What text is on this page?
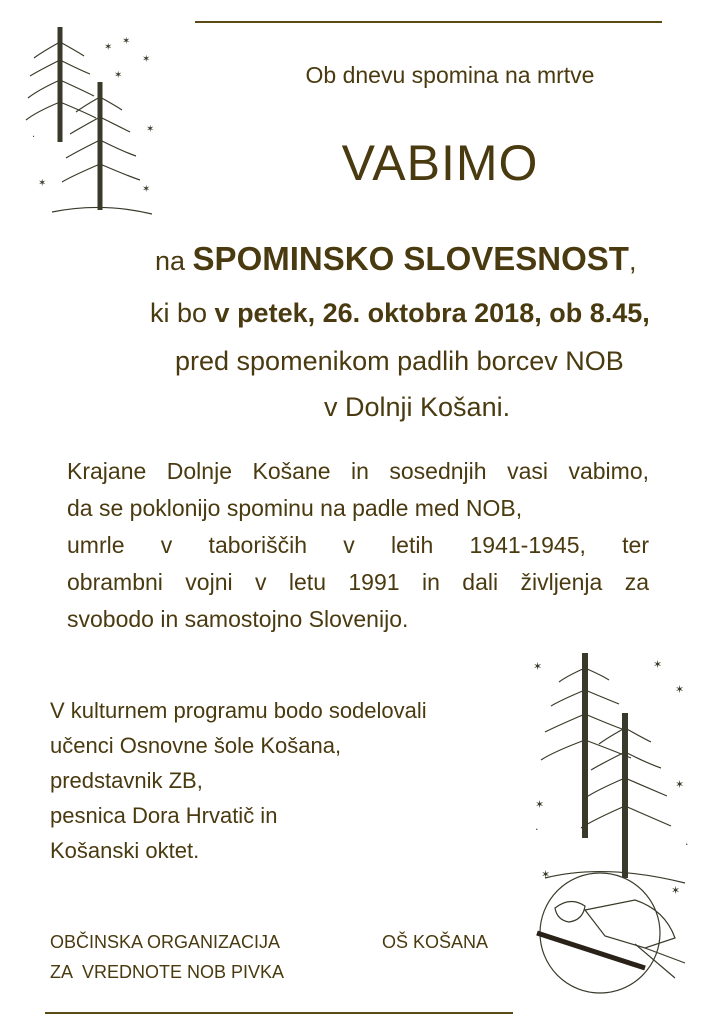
✶
✶
✶
·
✶
✶
✶
✶	Ob dnevu spomina na mrtve
VABIMO
na SPOMINSKO SLOVESNOST,
ki bo v petek, 26. oktobra 2018, ob 8.45,
pred spomenikom padlih borcev NOB
v Dolnji Košani.
Krajane Dolnje Košane in sosednjih vasi vabimo,
da se poklonijo spominu na padle med NOB,
umrle v taboriščih v letih 1941-1945, ter
obrambni vojni v letu 1991 in dali življenja za
svobodo in samostojno Slovenijo.
V kulturnem programu bodo sodelovali
učenci Osnovne šole Košana,
predstavnik ZB,
pesnica Dora Hrvatič in
Košanski oktet.
✶	✶
✶
✶
✶
✶
✶
·
·
OBČINSKA ORGANIZACIJA
ZA  VREDNOTE NOB PIVKA
OŠ KOŠANA
